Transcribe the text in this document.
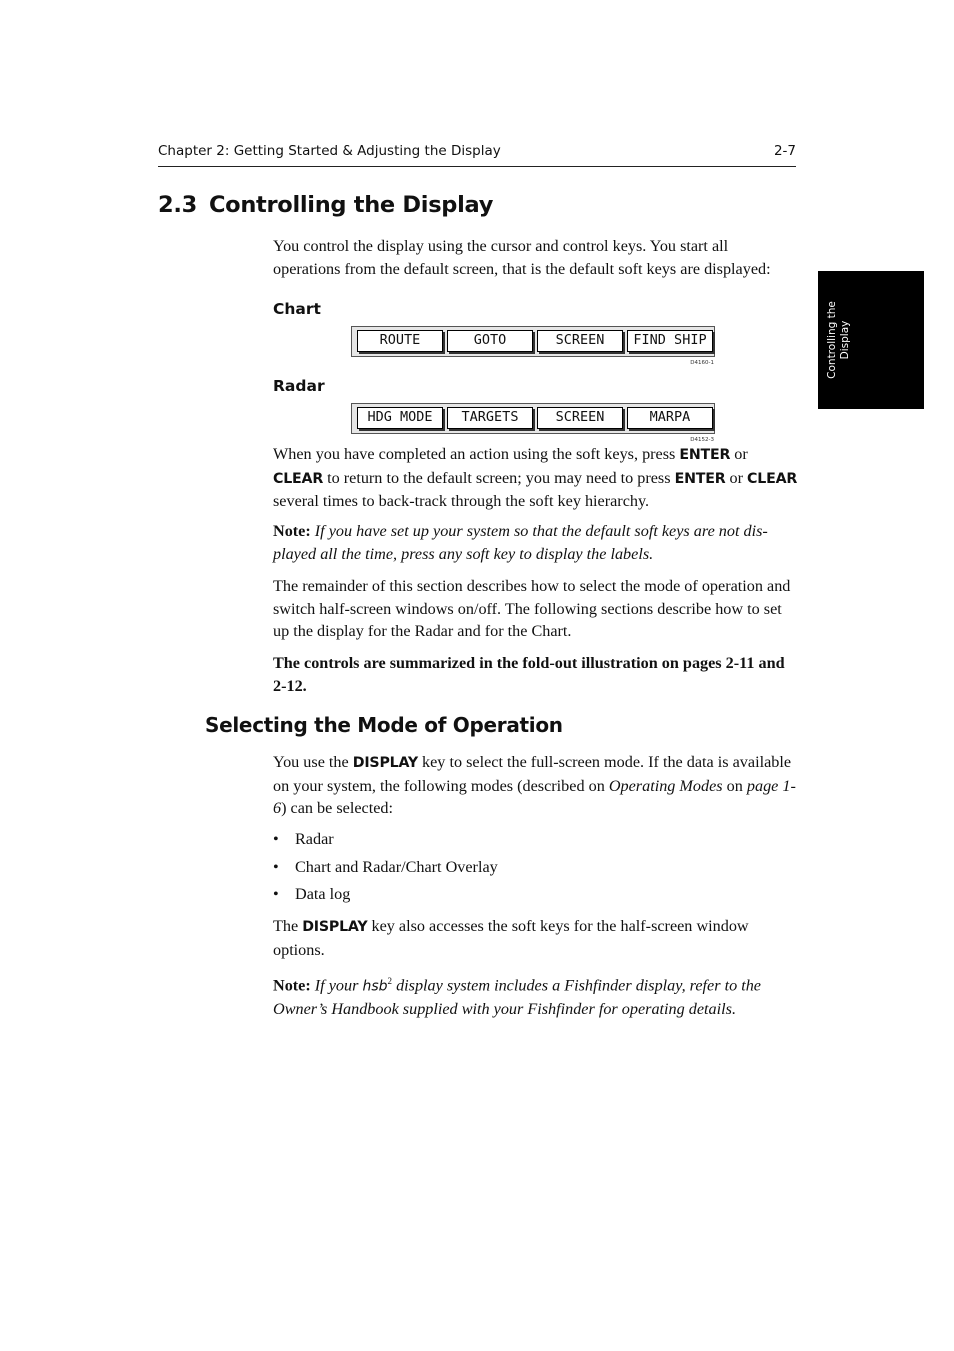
Chapter 2: Getting Started & Adjusting the Display	2-7
Controlling the Display
2.3 Controlling the Display

You control the display using the cursor and control keys. You start all operations from the default screen, that is the default soft keys are displayed:

Chart
ROUTE	GOTO	SCREEN	FIND SHIP
D4160-1
Radar
HDG MODE	TARGETS	SCREEN	MARPA
D4152-3

When you have completed an action using the soft keys, press ENTER or CLEAR to return to the default screen; you may need to press ENTER or CLEAR several times to back-track through the soft key hierarchy.

Note: If you have set up your system so that the default soft keys are not dis-played all the time, press any soft key to display the labels.

The remainder of this section describes how to select the mode of operation and switch half-screen windows on/off. The following sections describe how to set up the display for the Radar and for the Chart.

The controls are summarized in the fold-out illustration on pages 2-11 and 2-12.

Selecting the Mode of Operation

You use the DISPLAY key to select the full-screen mode. If the data is available on your system, the following modes (described on Operating Modes on page 1-6) can be selected:

• Radar
• Chart and Radar/Chart Overlay
• Data log

The DISPLAY key also accesses the soft keys for the half-screen window options.

Note: If your hsb$^2$ display system includes a Fishfinder display, refer to the Owner’s Handbook supplied with your Fishfinder for operating details.
